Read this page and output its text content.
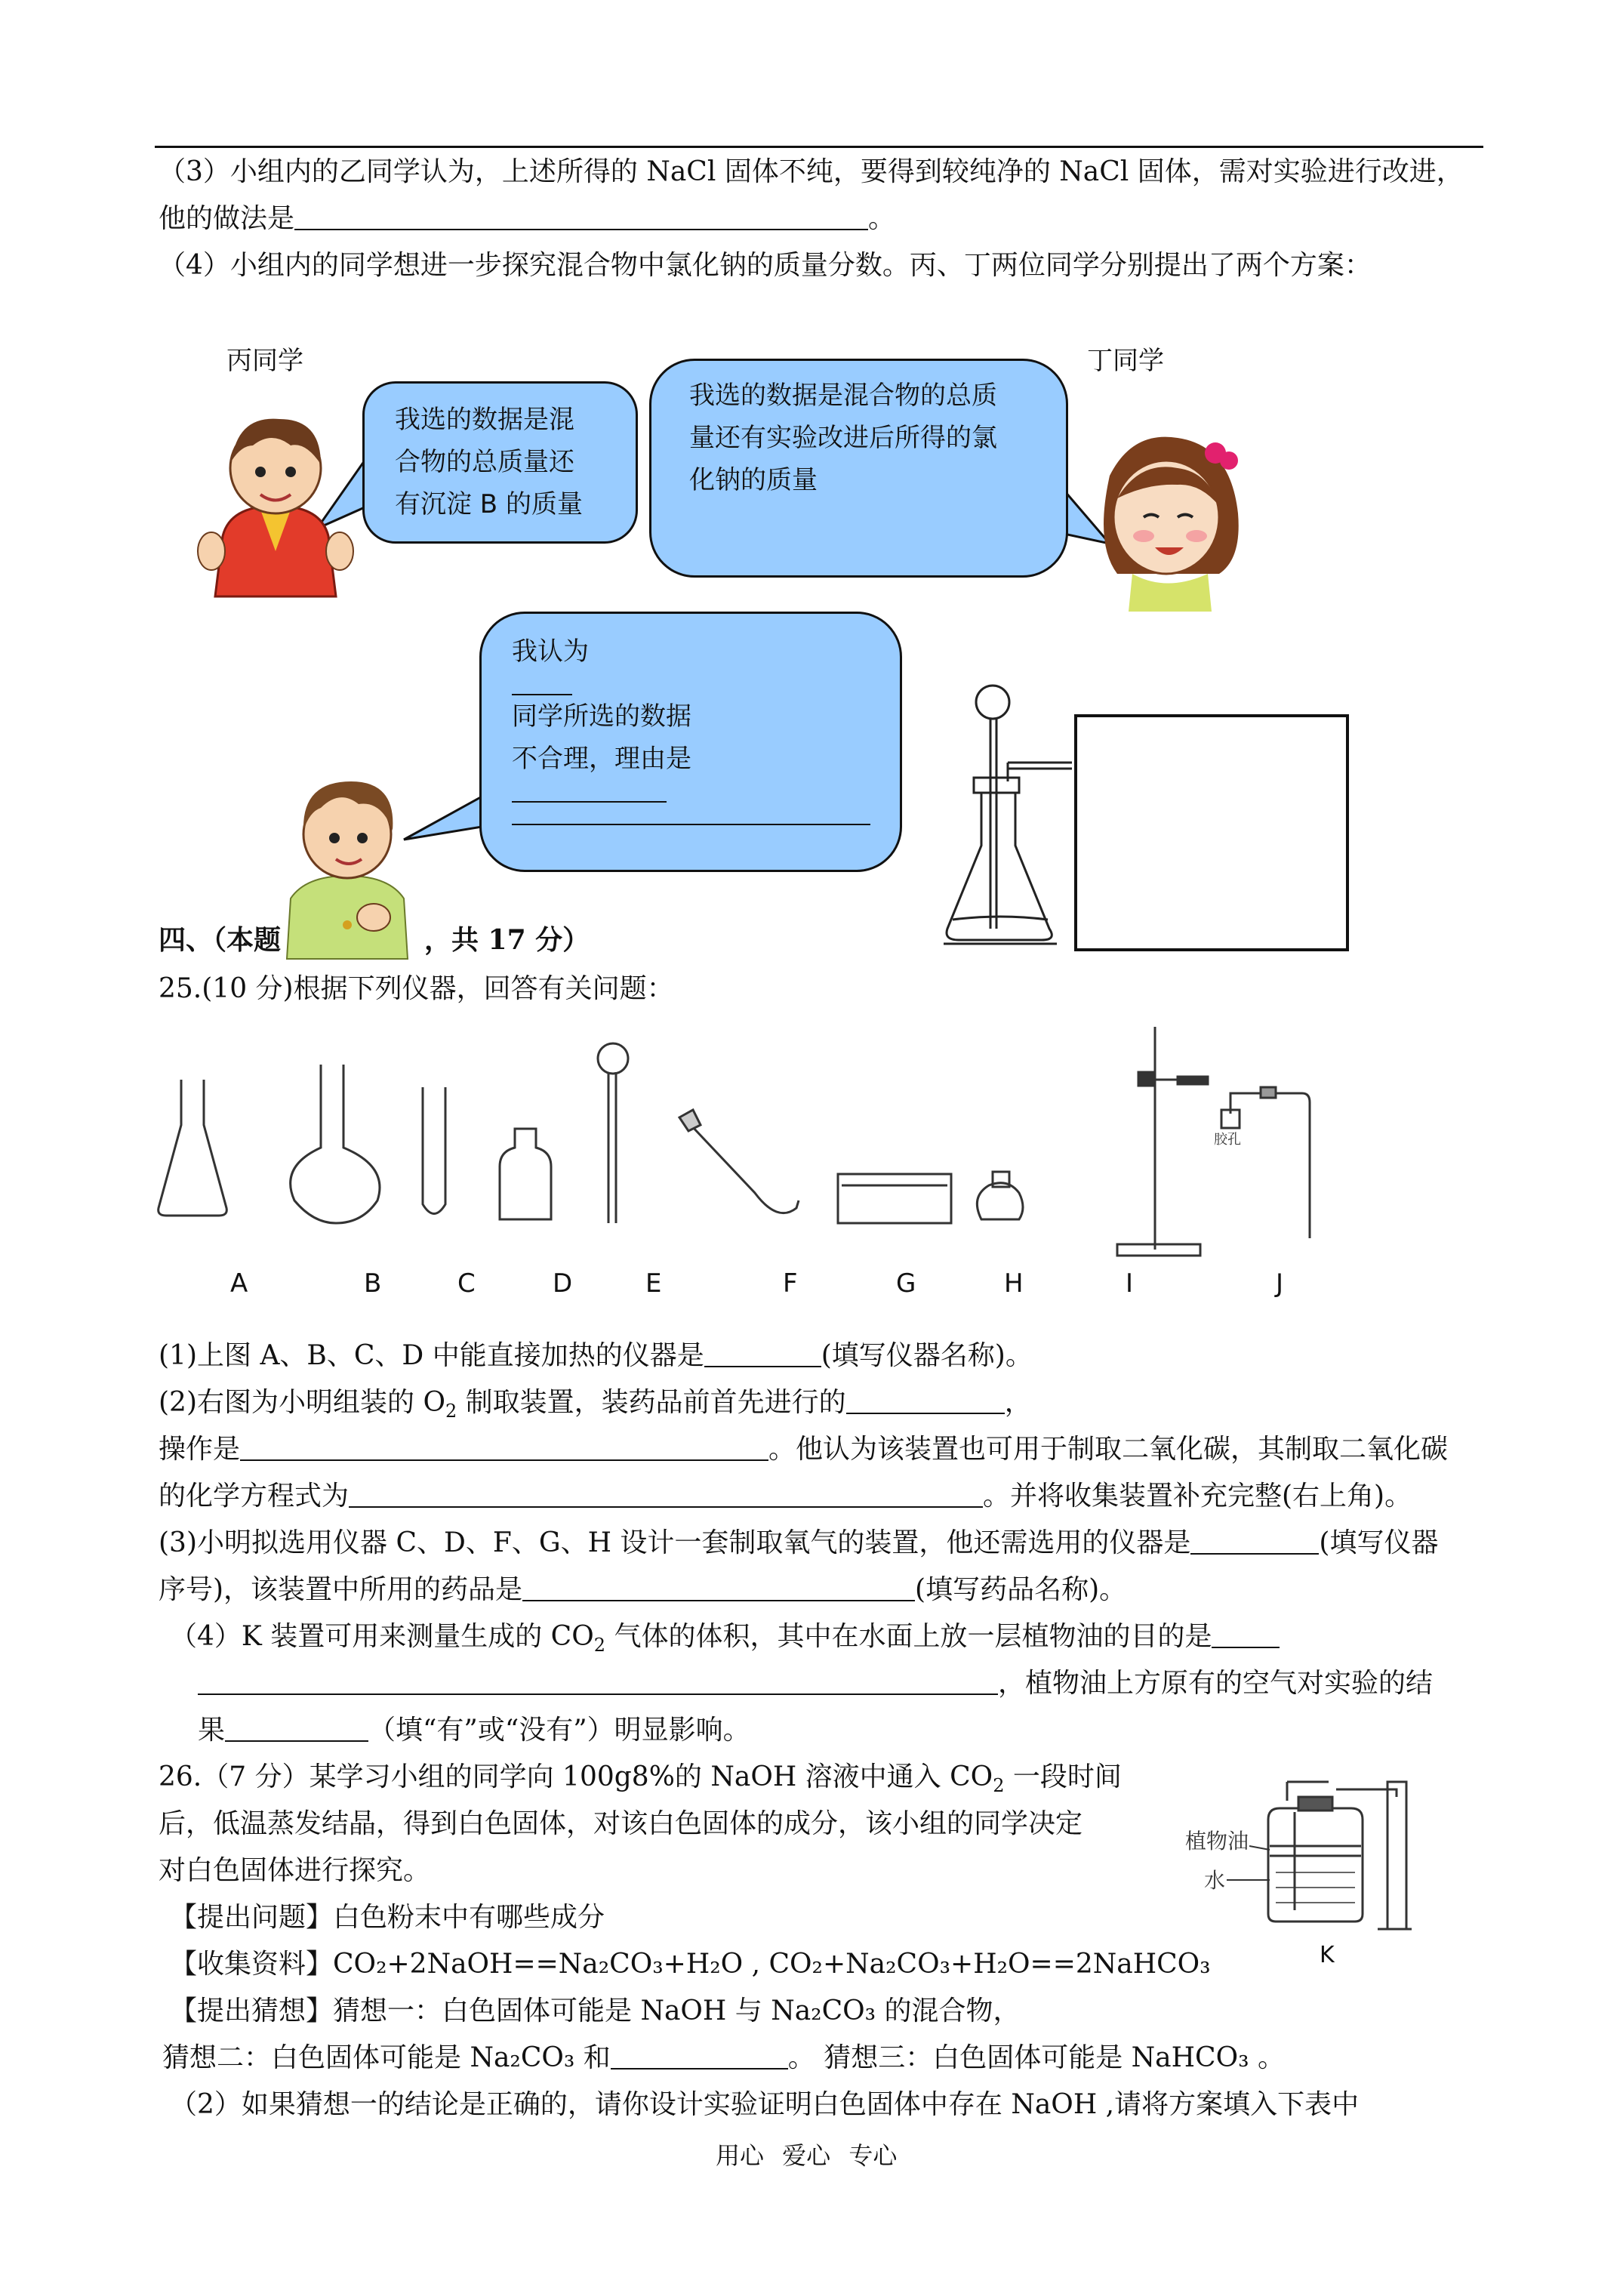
（3）小组内的乙同学认为，上述所得的 NaCl 固体不纯，要得到较纯净的 NaCl 固体，需对实验进行改进，
他的做法是	。
（4）小组内的同学想进一步探究混合物中氯化钠的质量分数。丙、丁两位同学分别提出了两个方案：
丙同学	丁同学
我选的数据是混
合物的总质量还
有沉淀 B 的质量
我选的数据是混合物的总质
量还有实验改进后所得的氯
化钠的质量
我认为
同学所选的数据
不合理，理由是
四、（本题	，共 17 分）
25.(10 分)根据下列仪器，回答有关问题：
胶孔
A	B	C	D	E	F	G	H	I	J
(1)上图 A、B、C、D 中能直接加热的仪器是	(填写仪器名称)。
(2)右图为小明组装的 $O_2$ 制取装置，装药品前首先进行的	，
操作是	。他认为该装置也可用于制取二氧化碳，其制取二氧化碳
的化学方程式为	。并将收集装置补充完整(右上角)。
(3)小明拟选用仪器 C、D、F、G、H 设计一套制取氧气的装置，他还需选用的仪器是	(填写仪器
序号)，该装置中所用的药品是	(填写药品名称)。
（4）K 装置可用来测量生成的 $CO_2$ 气体的体积，其中在水面上放一层植物油的目的是
，植物油上方原有的空气对实验的结
果	（填“有”或“没有”）明显影响。
植物油
水
K
26.（7 分）某学习小组的同学向 100g8%的 NaOH 溶液中通入 $CO_2$ 一段时间
后，低温蒸发结晶，得到白色固体，对该白色固体的成分，该小组的同学决定
对白色固体进行探究。
【提出问题】白色粉末中有哪些成分
【收集资料】CO₂+2NaOH==Na₂CO₃+H₂O , CO₂+Na₂CO₃+H₂O==2NaHCO₃
【提出猜想】猜想一：白色固体可能是 NaOH 与 Na₂CO₃ 的混合物，
猜想二：白色固体可能是 Na₂CO₃ 和	。 猜想三：白色固体可能是 NaHCO₃ 。
（2）如果猜想一的结论是正确的，请你设计实验证明白色固体中存在 NaOH ,请将方案填入下表中
用心 爱心 专心
